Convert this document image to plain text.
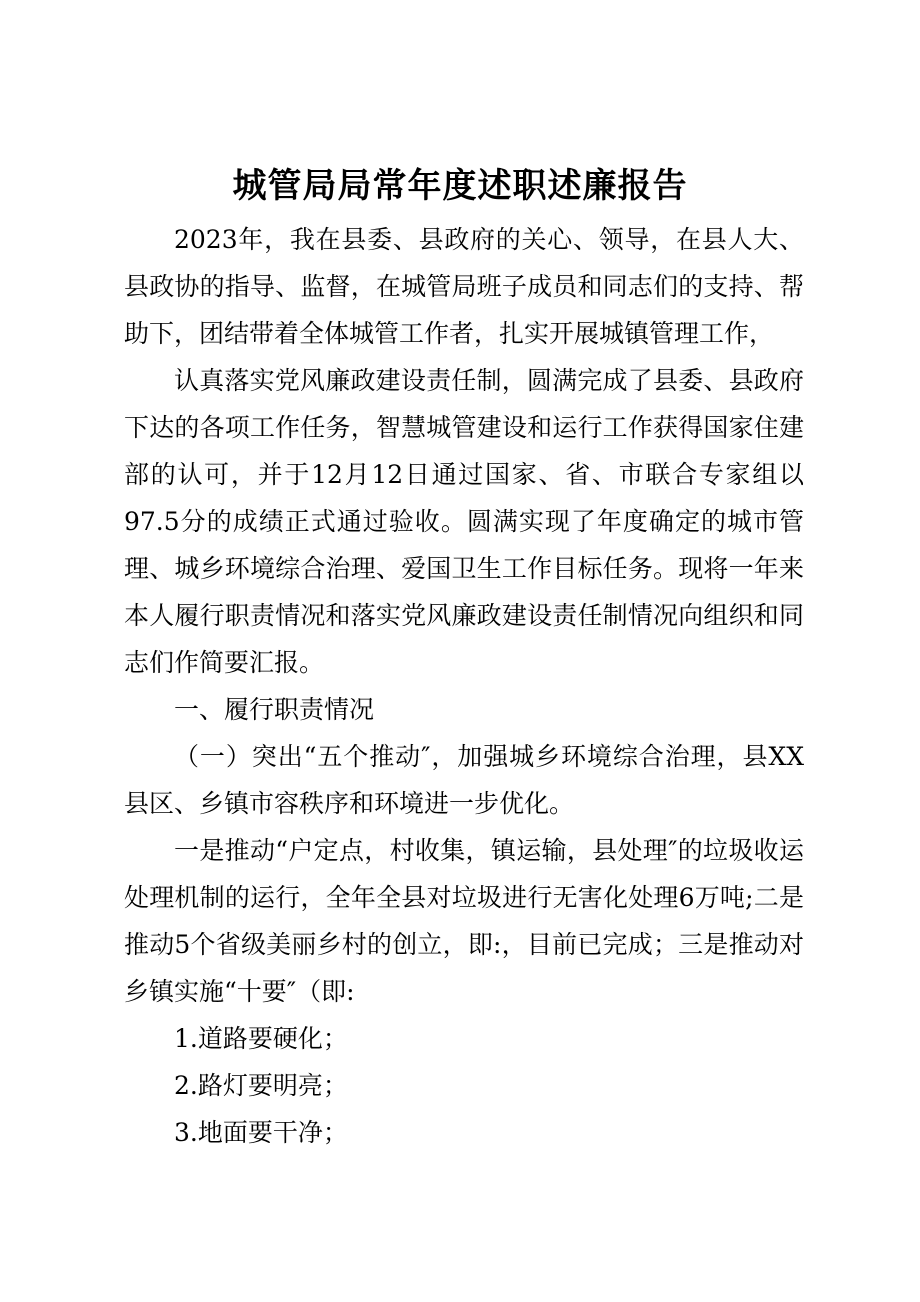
城管局局常年度述职述廉报告

2023年，我在县委、县政府的关心、领导，在县人大、县政协的指导、监督，在城管局班子成员和同志们的支持、帮助下，团结带着全体城管工作者，扎实开展城镇管理工作，

认真落实党风廉政建设责任制，圆满完成了县委、县政府下达的各项工作任务，智慧城管建设和运行工作获得国家住建部的认可，并于12月12日通过国家、省、市联合专家组以97.5分的成绩正式通过验收。圆满实现了年度确定的城市管理、城乡环境综合治理、爱国卫生工作目标任务。现将一年来本人履行职责情况和落实党风廉政建设责任制情况向组织和同志们作简要汇报。

一、履行职责情况

（一）突出“五个推动″，加强城乡环境综合治理，县XX县区、乡镇市容秩序和环境进一步优化。

一是推动“户定点，村收集，镇运输，县处理″的垃圾收运处理机制的运行，全年全县对垃圾进行无害化处理6万吨;二是推动5个省级美丽乡村的创立，即:，目前已完成；三是推动对乡镇实施“十要″（即:

1.道路要硬化；

2.路灯要明亮；

3.地面要干净；
